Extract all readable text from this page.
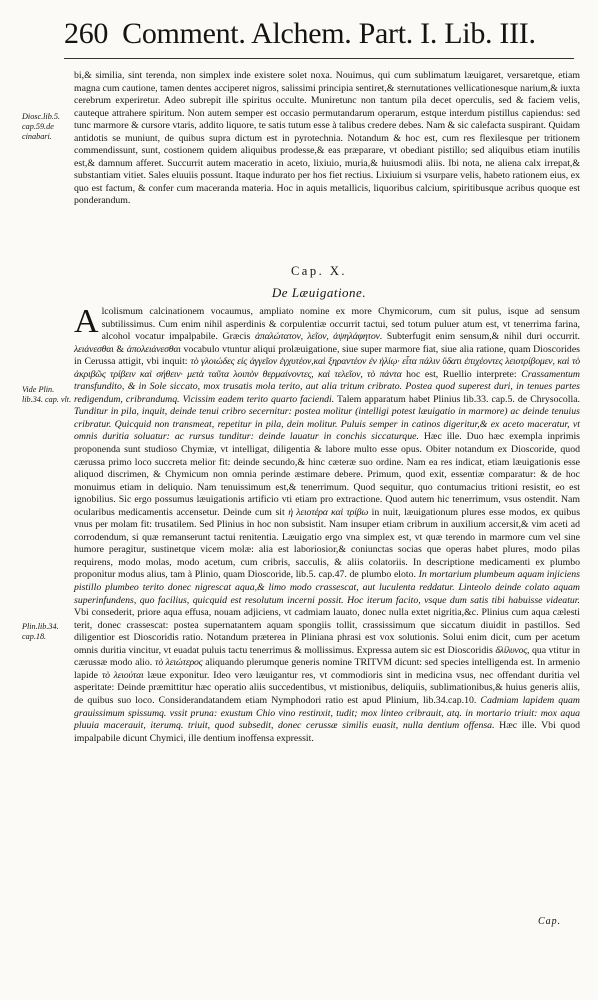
260 Comment. Alchem. Part. I. Lib. III.
Diosc.lib.5. cap.59.de cinabari.
Vide Plin. lib.34. cap. vlt.
Plin.lib.34. cap.18.

bi,& similia, sint terenda, non simplex inde existere solet noxa. Nouimus, qui cum sublimatum læuigaret, versaretque, etiam magna cum cautione, tamen dentes acciperet nigros, salissimi principia sentiret,& sternutationes vellicationesque narium,& iuxta cerebrum experiretur. Adeo subrepit ille spiritus occulte. Muniretunc non tantum pila decet operculis, sed & faciem velis, cauteque attrahere spiritum. Non autem semper est occasio permutandarum operarum, estque interdum pistillus capiendus: sed tunc marmore & cursore vtaris, addito liquore, te satis tutum esse à talibus credere debes. Nam & sic calefacta suspirant. Quidam antidotis se muniunt, de quibus supra dictum est in pyrotechnia. Notandum & hoc est, cum res flexilesque per tritionem commendissunt, sunt, costionem quidem aliquibus prodesse,& eas præparare, vt obediant pistillo; sed aliquibus etiam inutilis est,& damnum afferet. Succurrit autem maceratio in aceto, lixiuio, muria,& huiusmodi aliis. Ibi nota, ne aliena calx irrepat,& substantiam vitiet. Sales eluuiis possunt. Itaque indurato per hos fiet rectius. Lixiuium si vsurpare velis, habeto rationem eius, ex quo est factum, & confer cum maceranda materia. Hoc in aquis metallicis, liquoribus calcium, spiritibusque acribus quoque est ponderandum.

Cap. X.
De Læuigatione.

Alcolismum calcinationem vocaumus, ampliato nomine ex more Chymicorum, cum sit pulus, isque ad sensum subtilissimus. Cum enim nihil asperdinis & corpulentiæ occurrit tactui, sed totum puluer atum est, vt tenerrima farina, alcohol vocatur impalpabile. Græcis ἀπαλώτατον, λεῖον, ἀψηλάφητον. Subterfugit enim sensum,& nihil duri occurrit. λειάνεσθαι & ἀπολειάνεσθαι vocabulo vtuntur aliqui prolæuigatione, siue super marmore fiat, siue alia ratione, quam Dioscorides in Cerussa attigit, vbi inquit: τὸ γλοιώδες εἰς ἀγγεῖον ἐγχυτέον,καὶ ξηραντέον ἐν ἡλίῳ· εἶτα πάλιν ὕδατι ἐπιχέοντες λειοτρίβομεν, καὶ τὸ ἀκριβῶς τρίβειν καὶ σήθειν· μετὰ ταῦτα λοιπὸν θερμαίνοντες, καὶ τελεῖον, τὸ πάντα hoc est, Ruellio interprete: Crassamentum transfundito, & in Sole siccato, mox trusatis mola terito, aut alia tritum cribrato. Postea quod superest duri, in tenues partes redigendum, cribrandumq. Vicissim eadem terito quarto faciendi. Talem apparatum habet Plinius lib.33. cap.5. de Chrysocolla. Tunditur in pila, inquit, deinde tenui cribro secernitur: postea molitur (intelligi potest læuigatio in marmore) ac deinde tenuius cribratur. Quicquid non transmeat, repetitur in pila, dein molitur. Puluis semper in catinos digeritur,& ex aceto maceratur, vt omnis duritia soluatur: ac rursus tunditur: deinde lauatur in conchis siccaturque. Hæc ille. Duo hæc exempla inprimis proponenda sunt studioso Chymiæ, vt intelligat, diligentia & labore multo esse opus. Obiter notandum ex Dioscoride, quod cærussa primo loco succreta melior fit: deinde secundo,& hinc cæteræ suo ordine. Nam ea res indicat, etiam læuigationis esse aliquod discrimen, & Chymicum non omnia perinde æstimare debere. Primum, quod exit, essentiæ comparatur: & de hoc monuimus etiam in deliquio. Nam tenuissimum est,& tenerrimum. Quod sequitur, quo contumacius tritioni resistit, eo est ignobilius. Sic ergo possumus læuigationis artificio vti etiam pro extractione. Quod autem hic tenerrimum, vsus ostendit. Nam ocularibus medicamentis accensetur. Deinde cum sit ἡ λειοτέρα καὶ τρίβω in nuit, læuigationum plures esse modos, ex quibus vnus per molam fit: trusatilem. Sed Plinius in hoc non subsistit. Nam insuper etiam cribrum in auxilium accersit,& vim aceti ad corrodendum, si quæ remanserunt tactui renitentia. Læuigatio ergo vna simplex est, vt quæ terendo in marmore cum vel sine humore peragitur, sustinetque vicem molæ: alia est laboriosior,& coniunctas socias que operas habet plures, modo pilas requirens, modo molas, modo acetum, cum cribris, sacculis, & aliis colatoriis. In descriptione medicamenti ex plumbo proponitur modus alius, tam à Plinio, quam Dioscoride, lib.5. cap.47. de plumbo eloto. In mortarium plumbeum aquam injiciens pistillo plumbeo terito donec nigrescat aqua,& limo modo crassescat, aut luculenta reddatur. Linteolo deinde colato aquam superinfundens, quo facilius, quicquid est resolutum incerni possit. Hoc iterum facito, vsque dum satis tibi habuisse videatur. Vbi consederit, priore aqua effusa, nouam adjiciens, vt cadmiam lauato, donec nulla extet nigritia,&c. Plinius cum aqua cælesti terit, donec crassescat: postea supernatantem aquam spongiis tollit, crassissimum que siccatum diuidit in pastillos. Sed diligentior est Dioscoridis ratio. Notandum præterea in Pliniana phrasi est vox solutionis. Solui enim dicit, cum per acetum omnis duritia vincitur, vt euadat puluis tactu tenerrimus & mollissimus. Expressa autem sic est Dioscoridis δλίλυνος, qua vtitur in cærussæ modo alio. τὸ λειώτερος aliquando plerumque generis nomine TRITVM dicunt: sed species intelligenda est. In armenio lapide τὸ λειούται læue exponitur. Ideo vero læuigantur res, vt commodioris sint in medicina vsus, nec offendant duritia vel asperitate: Deinde præmittitur hæc operatio aliis succedentibus, vt mistionibus, deliquiis, sublimationibus,& huius generis aliis, de quibus suo loco. Considerandatandem etiam Nymphodori ratio est apud Plinium, lib.34.cap.10. Cadmiam lapidem quam grauissimum spissumq. vssit pruna: exustum Chio vino restinxit, tudit; mox linteo cribrauit, atq. in mortario triuit: mox aqua pluuia macerauit, iterumq. triuit, quod subsedit, donec cerussæ similis euasit, nulla dentium offensa. Hæc ille. Vbi quod impalpabile dicunt Chymici, ille dentium inoffensa expressit.

Cap.
